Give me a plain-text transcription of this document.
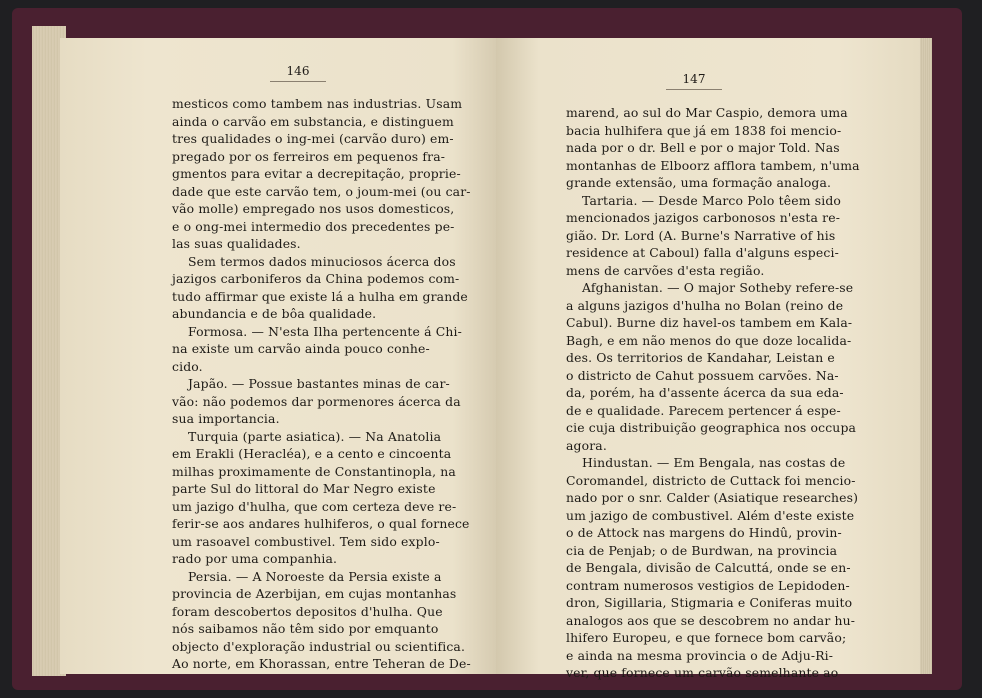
146
mesticos como tambem nas industrias. Usam
ainda o carvão em substancia, e distinguem
tres qualidades o ing-mei (carvão duro) em-
pregado por os ferreiros em pequenos fra-
gmentos para evitar a decrepitação, proprie-
dade que este carvão tem, o joum-mei (ou car-
vão molle) empregado nos usos domesticos,
e o ong-mei intermedio dos precedentes pe-
las suas qualidades.
Sem termos dados minuciosos ácerca dos
jazigos carboniferos da China podemos com-
tudo affirmar que existe lá a hulha em grande
abundancia e de bôa qualidade.
Formosa. — N'esta Ilha pertencente á Chi-
na existe um carvão ainda pouco conhe-
cido.
Japão. — Possue bastantes minas de car-
vão: não podemos dar pormenores ácerca da
sua importancia.
Turquia (parte asiatica). — Na Anatolia
em Erakli (Heracléa), e a cento e cincoenta
milhas proximamente de Constantinopla, na
parte Sul do littoral do Mar Negro existe
um jazigo d'hulha, que com certeza deve re-
ferir-se aos andares hulhiferos, o qual fornece
um rasoavel combustivel. Tem sido explo-
rado por uma companhia.
Persia. — A Noroeste da Persia existe a
provincia de Azerbijan, em cujas montanhas
foram descobertos depositos d'hulha. Que
nós saibamos não têm sido por emquanto
objecto d'exploração industrial ou scientifica.
Ao norte, em Khorassan, entre Teheran de De-
147
marend, ao sul do Mar Caspio, demora uma
bacia hulhifera que já em 1838 foi mencio-
nada por o dr. Bell e por o major Told. Nas
montanhas de Elboorz afflora tambem, n'uma
grande extensão, uma formação analoga.
Tartaria. — Desde Marco Polo têem sido
mencionados jazigos carbonosos n'esta re-
gião. Dr. Lord (A. Burne's Narrative of his
residence at Caboul) falla d'alguns especi-
mens de carvões d'esta região.
Afghanistan. — O major Sotheby refere-se
a alguns jazigos d'hulha no Bolan (reino de
Cabul). Burne diz havel-os tambem em Kala-
Bagh, e em não menos do que doze localida-
des. Os territorios de Kandahar, Leistan e
o districto de Cahut possuem carvões. Na-
da, porém, ha d'assente ácerca da sua eda-
de e qualidade. Parecem pertencer á espe-
cie cuja distribuição geographica nos occupa
agora.
Hindustan. — Em Bengala, nas costas de
Coromandel, districto de Cuttack foi mencio-
nado por o snr. Calder (Asiatique researches)
um jazigo de combustivel. Além d'este existe
o de Attock nas margens do Hindû, provin-
cia de Penjab; o de Burdwan, na provincia
de Bengala, divisão de Calcuttá, onde se en-
contram numerosos vestigios de Lepidoden-
dron, Sigillaria, Stigmaria e Coniferas muito
analogos aos que se descobrem no andar hu-
lhifero Europeu, e que fornece bom carvão;
e ainda na mesma provincia o de Adju-Ri-
ver, que fornece um carvão semelhante ao
